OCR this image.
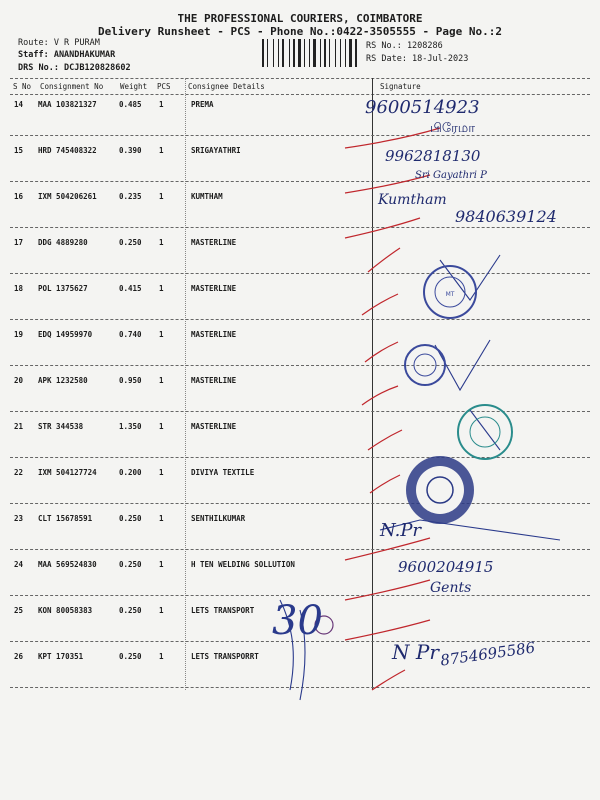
THE PROFESSIONAL COURIERS, COIMBATORE
Delivery Runsheet - PCS - Phone No.:0422-3505555 - Page No.:2
Route: V R PURAM
Staff: ANANDHAKUMAR
DRS No.: DCJB120828602
RS No.: 1208286
RS Date: 18-Jul-2023
S No Consignment No Weight PCS Consignee Details	Signature
14 MAA 103821327	0.485 1	PREMA
15 HRD 745408322	0.390 1	SRIGAYATHRI
16 IXM 504206261	0.235 1	KUMTHAM
17 DDG 4889280	0.250 1	MASTERLINE
18 POL 1375627	0.415 1	MASTERLINE
19 EDQ 14959970	0.740 1	MASTERLINE
20 APK 1232580	0.950 1	MASTERLINE
21 STR 344538	1.350 1	MASTERLINE
22 IXM 504127724	0.200 1	DIVIYA TEXTILE
23 CLT 15678591	0.250 1	SENTHILKUMAR
24 MAA 569524830	0.250 1	H TEN WELDING SOLLUTION
25 KON 80058383	0.250 1	LETS TRANSPORT
26 KPT 170351	0.250 1	LETS TRANSPORRT
MT
9600514923
பிரேமா
9962818130
Sri Gayathri P
Kumtham
9840639124
N.Pr
9600204915
Gents
30
N Pr 8754695586
